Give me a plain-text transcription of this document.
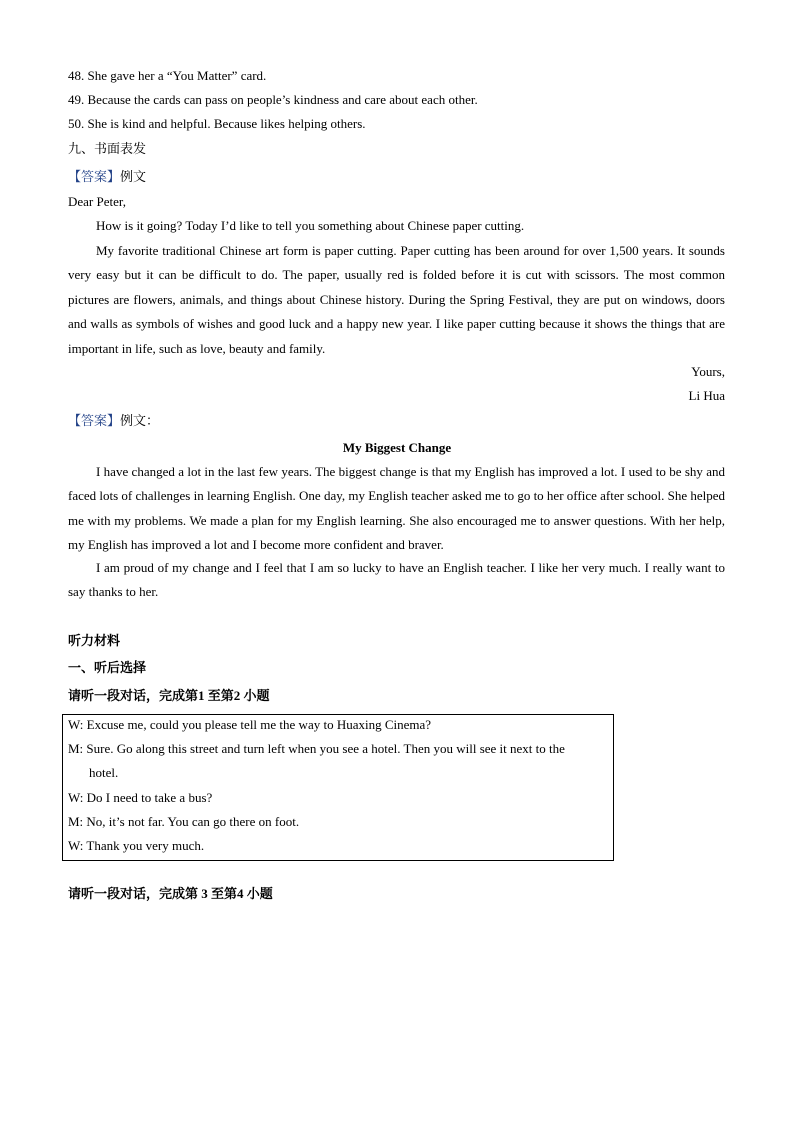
48. She gave her a “You Matter” card.
49. Because the cards can pass on people’s kindness and care about each other.
50. She is kind and helpful. Because likes helping others.
九、书面表发
【答案】例文
Dear Peter,
How is it going? Today I’d like to tell you something about Chinese paper cutting.
My favorite traditional Chinese art form is paper cutting. Paper cutting has been around for over 1,500 years. It sounds very easy but it can be difficult to do. The paper, usually red is folded before it is cut with scissors. The most common pictures are flowers, animals, and things about Chinese history. During the Spring Festival, they are put on windows, doors and walls as symbols of wishes and good luck and a happy new year. I like paper cutting because it shows the things that are important in life, such as love, beauty and family.
Yours,
Li Hua
【答案】例文：
My Biggest Change
I have changed a lot in the last few years. The biggest change is that my English has improved a lot. I used to be shy and faced lots of challenges in learning English. One day, my English teacher asked me to go to her office after school. She helped me with my problems. We made a plan for my English learning. She also encouraged me to answer questions. With her help, my English has improved a lot and I become more confident and braver.
I am proud of my change and I feel that I am so lucky to have an English teacher. I like her very much. I really want to say thanks to her.
听力材料
一、听后选择
请听一段对话，完成第1 至第2 小题
W: Excuse me, could you please tell me the way to Huaxing Cinema?
M: Sure. Go along this street and turn left when you see a hotel. Then you will see it next to the
hotel.
W: Do I need to take a bus?
M: No, it’s not far. You can go there on foot.
W: Thank you very much.
请听一段对话，完成第 3 至第4 小题
